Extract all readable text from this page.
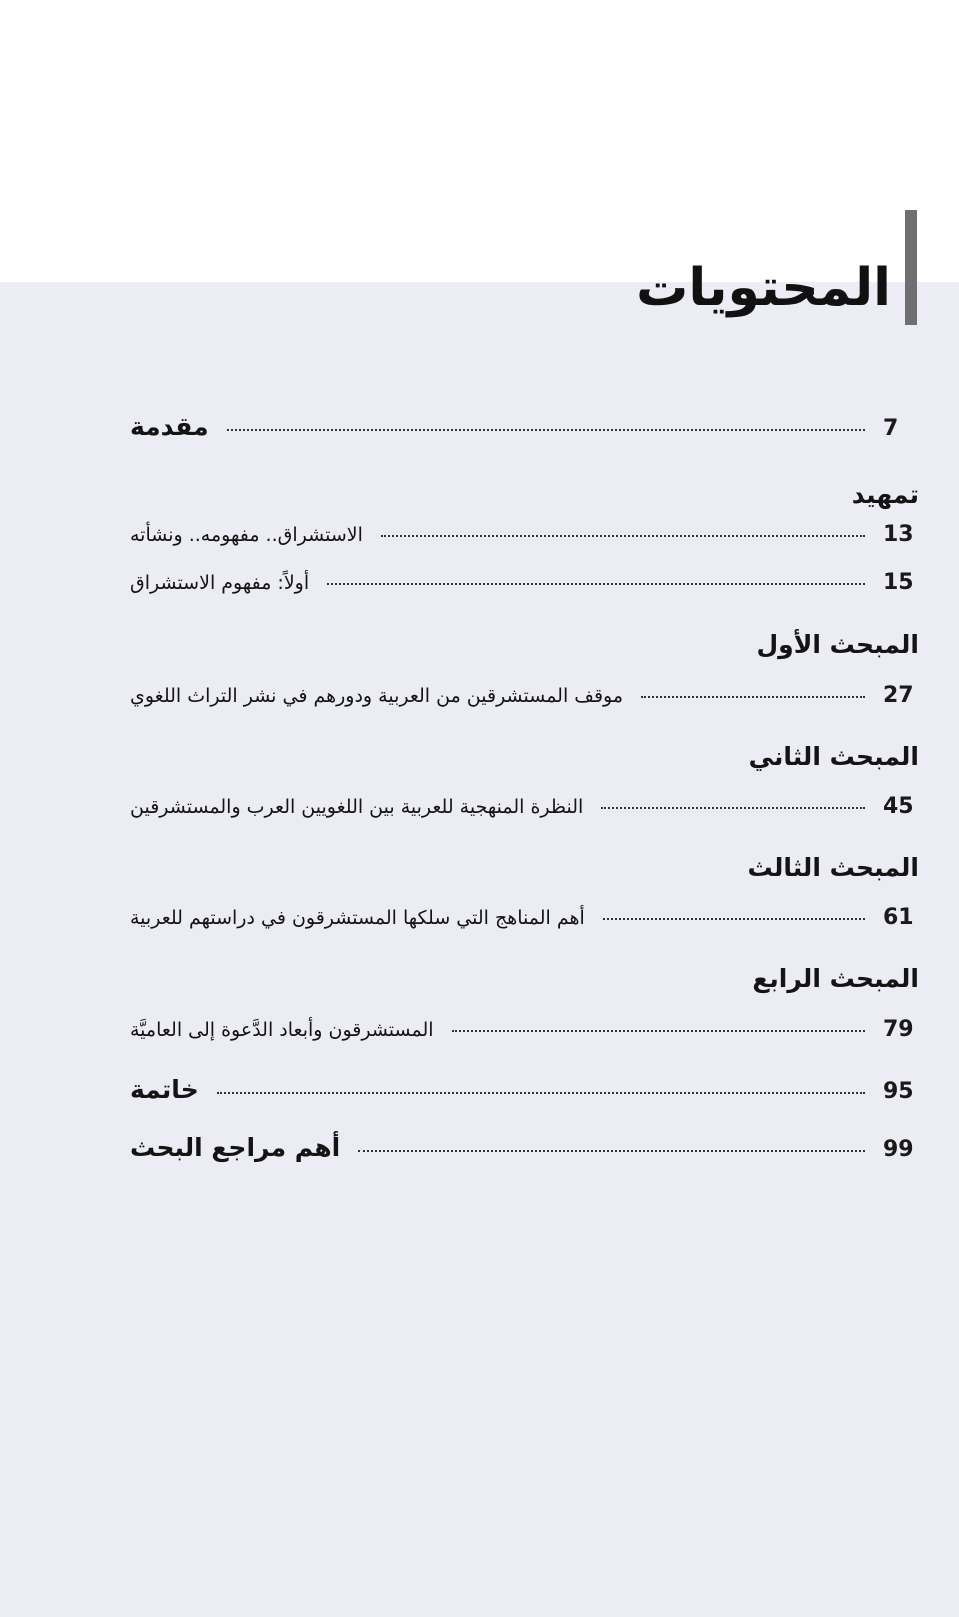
المحتويات
مقدمة	7
تمهيد
الاستشراق.. مفهومه.. ونشأته	13
أولاً: مفهوم الاستشراق	15
المبحث الأول
موقف المستشرقين من العربية ودورهم في نشر التراث اللغوي	27
المبحث الثاني
النظرة المنهجية للعربية بين اللغويين العرب والمستشرقين	45
المبحث الثالث
أهم المناهج التي سلكها المستشرقون في دراستهم للعربية	61
المبحث الرابع
المستشرقون وأبعاد الدَّعوة إلى العاميَّة	79
خاتمة	95
أهم مراجع البحث	99
